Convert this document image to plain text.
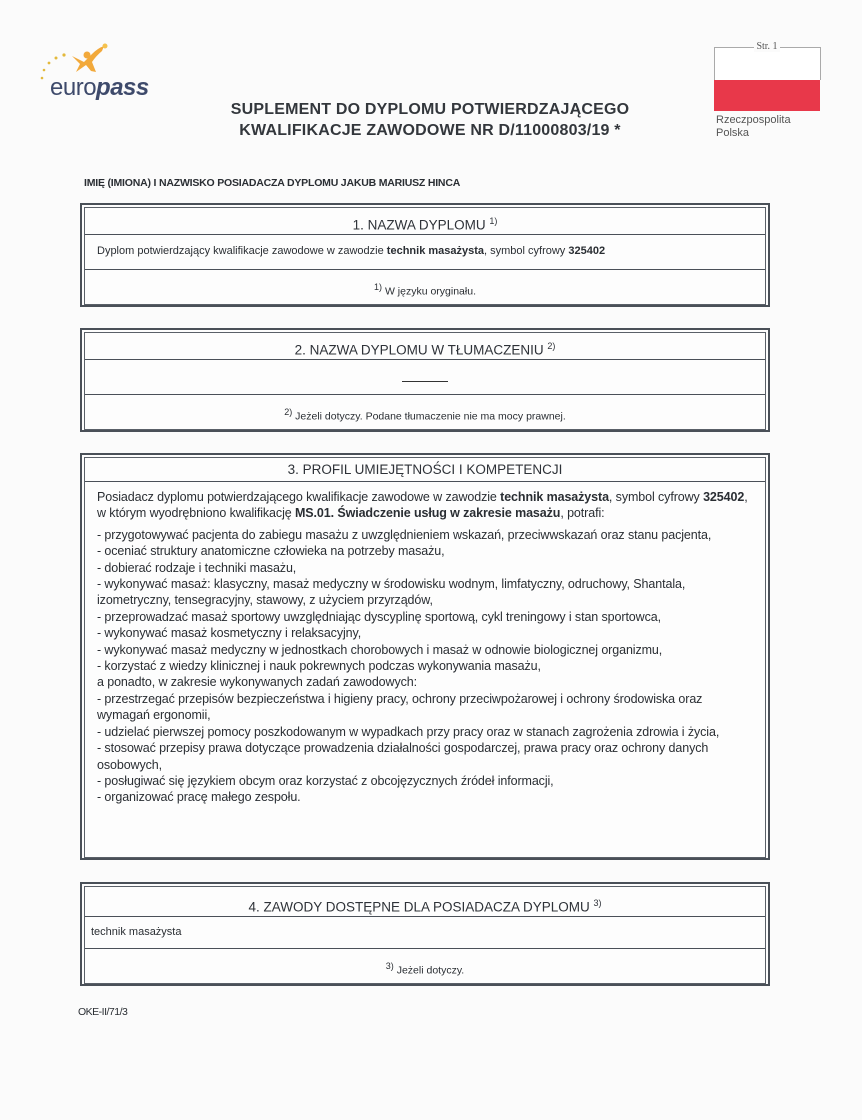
europass
Str. 1
Rzeczpospolita
Polska
SUPLEMENT DO DYPLOMU POTWIERDZAJĄCEGO
KWALIFIKACJE ZAWODOWE NR D/11000803/19 *
IMIĘ (IMIONA) I NAZWISKO POSIADACZA DYPLOMU JAKUB MARIUSZ HINCA
1. NAZWA DYPLOMU $^{1)}$
Dyplom potwierdzający kwalifikacje zawodowe w zawodzie technik masażysta, symbol cyfrowy 325402
$^{1)}$ W języku oryginału.
2. NAZWA DYPLOMU W TŁUMACZENIU $^{2)}$
$^{2)}$ Jeżeli dotyczy. Podane tłumaczenie nie ma mocy prawnej.
3. PROFIL UMIEJĘTNOŚCI I KOMPETENCJI

Posiadacz dyplomu potwierdzającego kwalifikacje zawodowe w zawodzie technik masażysta, symbol cyfrowy 325402, w którym wyodrębniono kwalifikację MS.01. Świadczenie usług w zakresie masażu, potrafi:

- przygotowywać pacjenta do zabiegu masażu z uwzględnieniem wskazań, przeciwwskazań oraz stanu pacjenta,
- oceniać struktury anatomiczne człowieka na potrzeby masażu,
- dobierać rodzaje i techniki masażu,
- wykonywać masaż: klasyczny, masaż medyczny w środowisku wodnym, limfatyczny, odruchowy, Shantala, izometryczny, tensegracyjny, stawowy, z użyciem przyrządów,
- przeprowadzać masaż sportowy uwzględniając dyscyplinę sportową, cykl treningowy i stan sportowca,
- wykonywać masaż kosmetyczny i relaksacyjny,
- wykonywać masaż medyczny w jednostkach chorobowych i masaż w odnowie biologicznej organizmu,
- korzystać z wiedzy klinicznej i nauk pokrewnych podczas wykonywania masażu,
a ponadto, w zakresie wykonywanych zadań zawodowych:
- przestrzegać przepisów bezpieczeństwa i higieny pracy, ochrony przeciwpożarowej i ochrony środowiska oraz wymagań ergonomii,
- udzielać pierwszej pomocy poszkodowanym w wypadkach przy pracy oraz w stanach zagrożenia zdrowia i życia,
- stosować przepisy prawa dotyczące prowadzenia działalności gospodarczej, prawa pracy oraz ochrony danych osobowych,
- posługiwać się językiem obcym oraz korzystać z obcojęzycznych źródeł informacji,
- organizować pracę małego zespołu.
4. ZAWODY DOSTĘPNE DLA POSIADACZA DYPLOMU $^{3)}$
technik masażysta
$^{3)}$ Jeżeli dotyczy.
OKE-II/71/3
